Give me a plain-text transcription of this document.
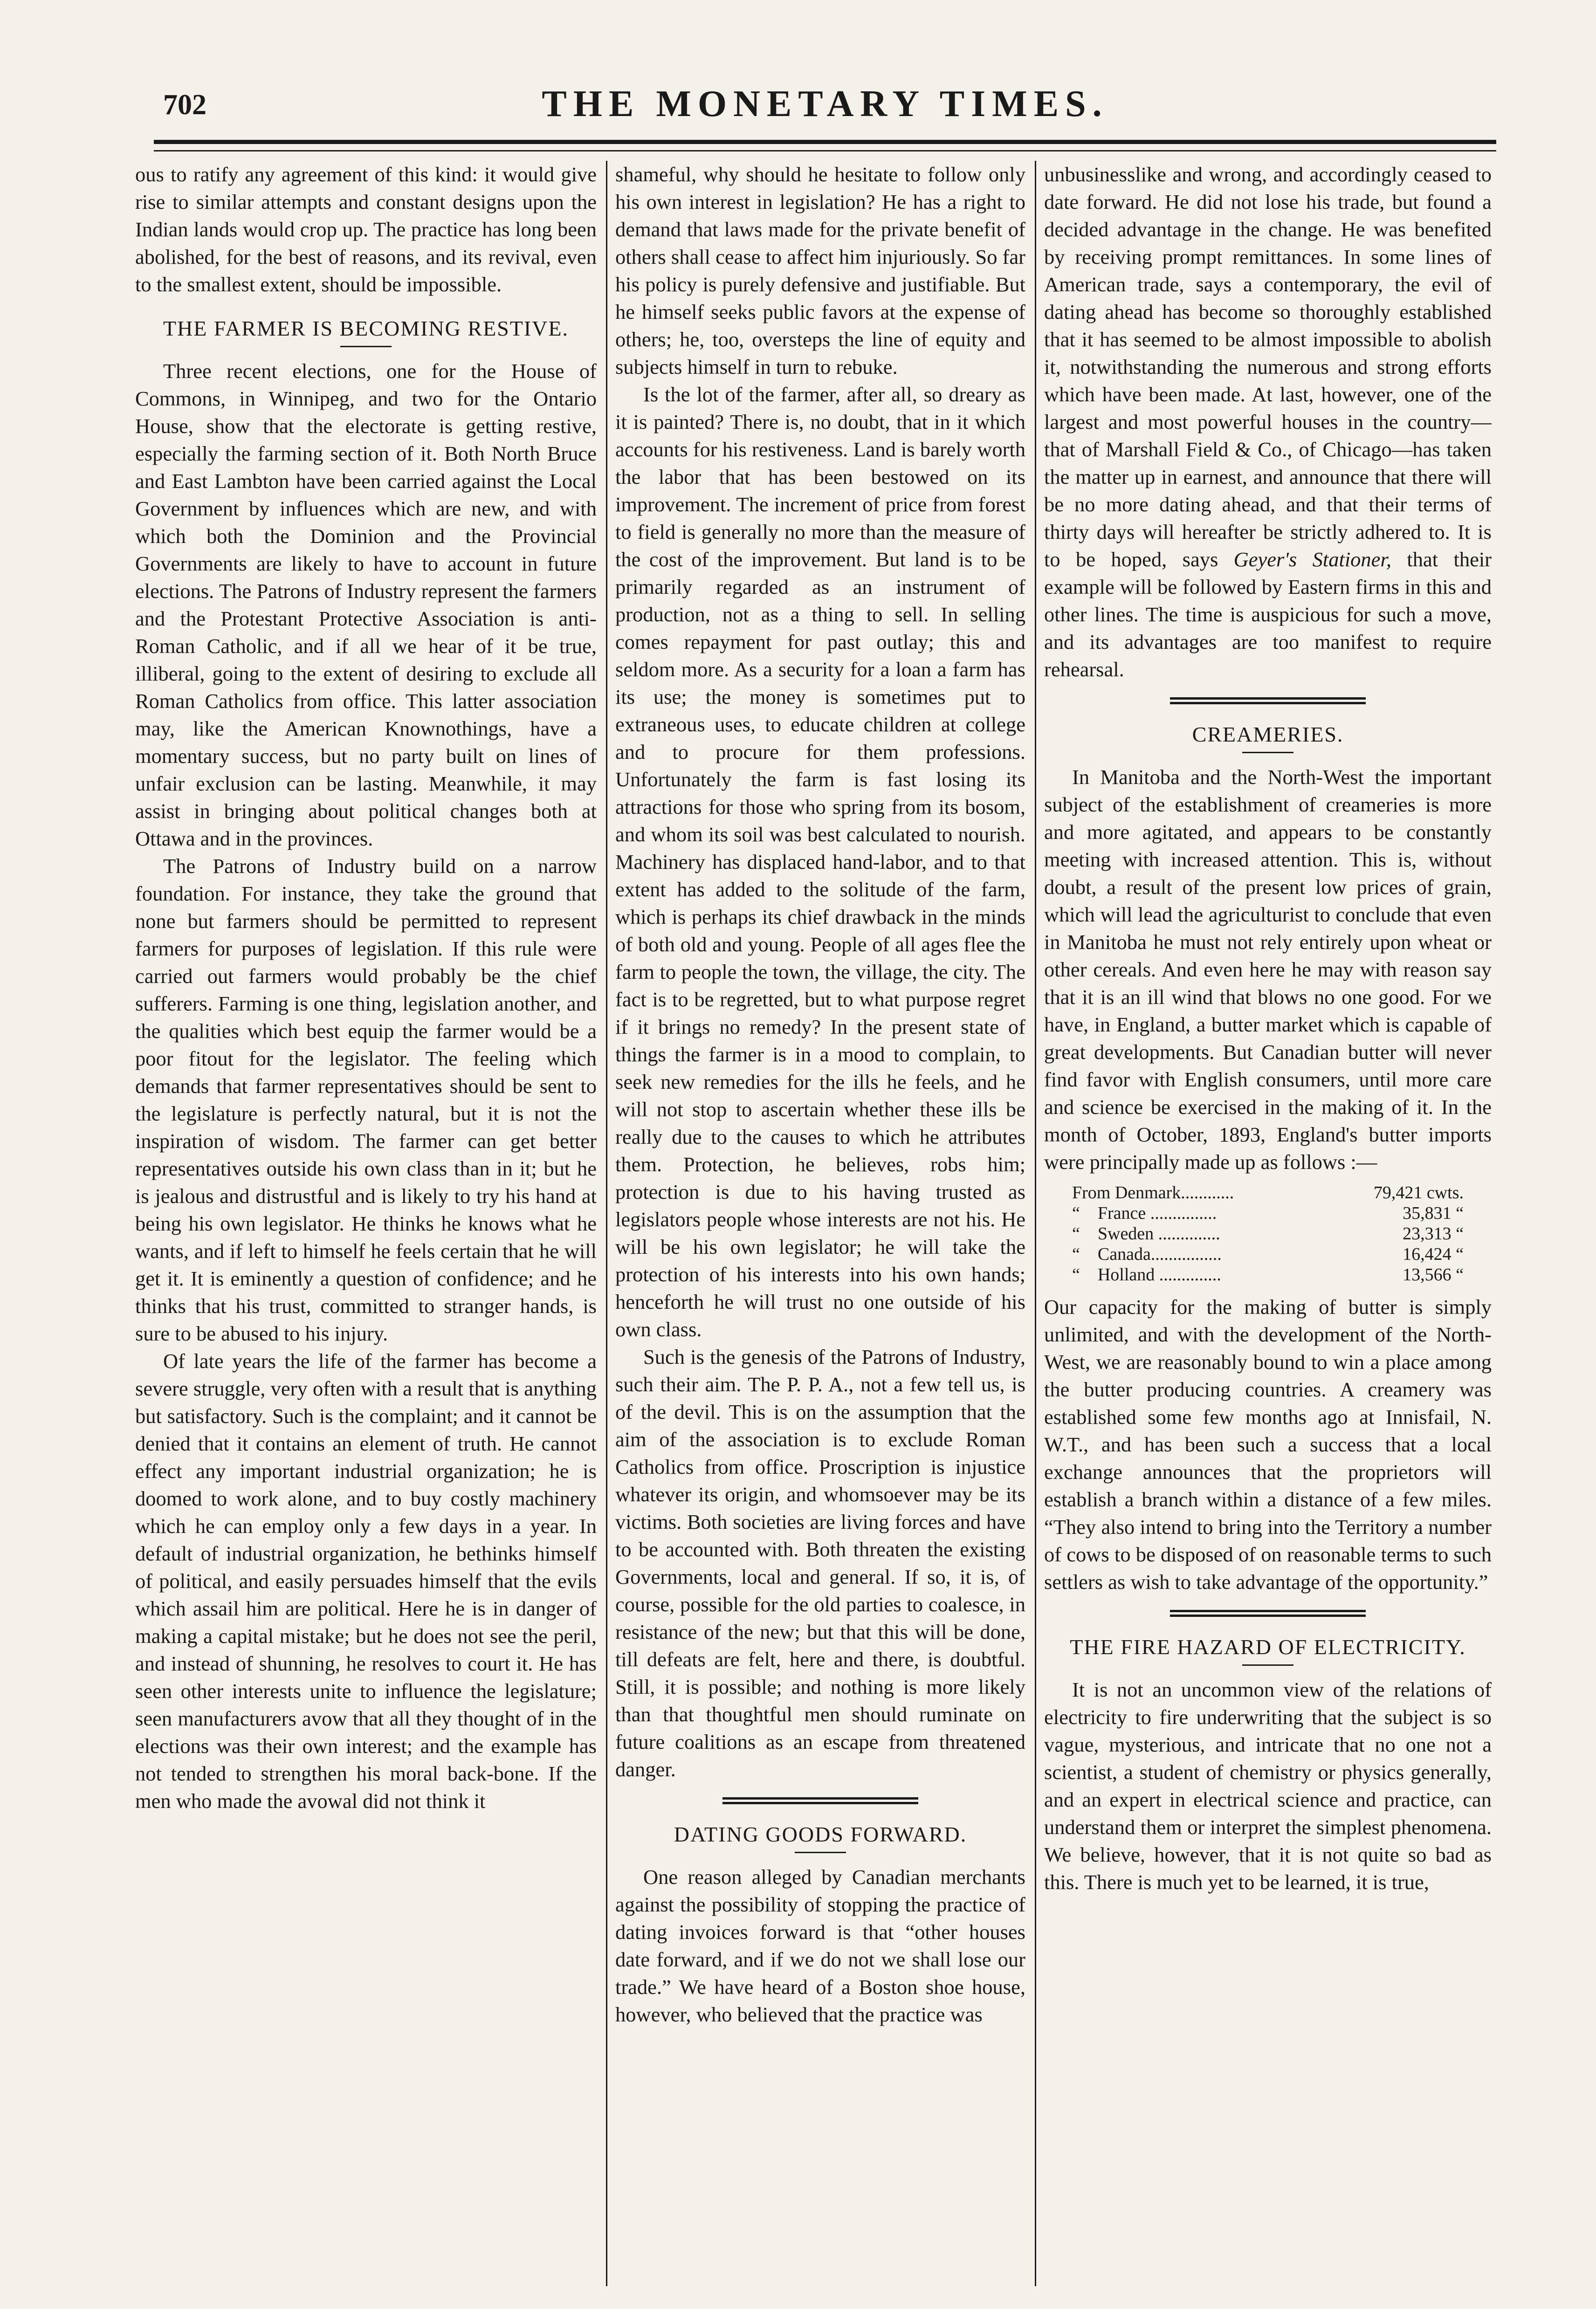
702	THE MONETARY TIMES.

ous to ratify any agreement of this kind: it would give rise to similar attempts and constant designs upon the Indian lands would crop up. The practice has long been abolished, for the best of reasons, and its revival, even to the smallest extent, should be impossible.

THE FARMER IS BECOMING RESTIVE.

Three recent elections, one for the House of Commons, in Winnipeg, and two for the Ontario House, show that the electorate is getting restive, especially the farming section of it. Both North Bruce and East Lambton have been carried against the Local Government by influences which are new, and with which both the Dominion and the Provincial Governments are likely to have to account in future elections. The Patrons of Industry represent the farmers and the Protestant Protective Association is anti-Roman Catholic, and if all we hear of it be true, illiberal, going to the extent of desiring to exclude all Roman Catholics from office. This latter association may, like the American Knownothings, have a momentary success, but no party built on lines of unfair exclusion can be lasting. Meanwhile, it may assist in bringing about political changes both at Ottawa and in the provinces.

The Patrons of Industry build on a narrow foundation. For instance, they take the ground that none but farmers should be permitted to represent farmers for purposes of legislation. If this rule were carried out farmers would probably be the chief sufferers. Farming is one thing, legislation another, and the qualities which best equip the farmer would be a poor fitout for the legislator. The feeling which demands that farmer representatives should be sent to the legislature is perfectly natural, but it is not the inspiration of wisdom. The farmer can get better representatives outside his own class than in it; but he is jealous and distrustful and is likely to try his hand at being his own legislator. He thinks he knows what he wants, and if left to himself he feels certain that he will get it. It is eminently a question of confidence; and he thinks that his trust, committed to stranger hands, is sure to be abused to his injury.

Of late years the life of the farmer has become a severe struggle, very often with a result that is anything but satisfactory. Such is the complaint; and it cannot be denied that it contains an element of truth. He cannot effect any important industrial organization; he is doomed to work alone, and to buy costly machinery which he can employ only a few days in a year. In default of industrial organization, he bethinks himself of political, and easily persuades himself that the evils which assail him are political. Here he is in danger of making a capital mistake; but he does not see the peril, and instead of shunning, he resolves to court it. He has seen other interests unite to influence the legislature; seen manufacturers avow that all they thought of in the elections was their own interest; and the example has not tended to strengthen his moral back-bone. If the men who made the avowal did not think it

shameful, why should he hesitate to follow only his own interest in legislation? He has a right to demand that laws made for the private benefit of others shall cease to affect him injuriously. So far his policy is purely defensive and justifiable. But he himself seeks public favors at the expense of others; he, too, oversteps the line of equity and subjects himself in turn to rebuke.

Is the lot of the farmer, after all, so dreary as it is painted? There is, no doubt, that in it which accounts for his restiveness. Land is barely worth the labor that has been bestowed on its improvement. The increment of price from forest to field is generally no more than the measure of the cost of the improvement. But land is to be primarily regarded as an instrument of production, not as a thing to sell. In selling comes repayment for past outlay; this and seldom more. As a security for a loan a farm has its use; the money is sometimes put to extraneous uses, to educate children at college and to procure for them professions. Unfortunately the farm is fast losing its attractions for those who spring from its bosom, and whom its soil was best calculated to nourish. Machinery has displaced hand-labor, and to that extent has added to the solitude of the farm, which is perhaps its chief drawback in the minds of both old and young. People of all ages flee the farm to people the town, the village, the city. The fact is to be regretted, but to what purpose regret if it brings no remedy? In the present state of things the farmer is in a mood to complain, to seek new remedies for the ills he feels, and he will not stop to ascertain whether these ills be really due to the causes to which he attributes them. Protection, he believes, robs him; protection is due to his having trusted as legislators people whose interests are not his. He will be his own legislator; he will take the protection of his interests into his own hands; henceforth he will trust no one outside of his own class.

Such is the genesis of the Patrons of Industry, such their aim. The P. P. A., not a few tell us, is of the devil. This is on the assumption that the aim of the association is to exclude Roman Catholics from office. Proscription is injustice whatever its origin, and whomsoever may be its victims. Both societies are living forces and have to be accounted with. Both threaten the existing Governments, local and general. If so, it is, of course, possible for the old parties to coalesce, in resistance of the new; but that this will be done, till defeats are felt, here and there, is doubtful. Still, it is possible; and nothing is more likely than that thoughtful men should ruminate on future coalitions as an escape from threatened danger.

DATING GOODS FORWARD.

One reason alleged by Canadian merchants against the possibility of stopping the practice of dating invoices forward is that “other houses date forward, and if we do not we shall lose our trade.” We have heard of a Boston shoe house, however, who believed that the practice was

unbusinesslike and wrong, and accordingly ceased to date forward. He did not lose his trade, but found a decided advantage in the change. He was benefited by receiving prompt remittances. In some lines of American trade, says a contemporary, the evil of dating ahead has become so thoroughly established that it has seemed to be almost impossible to abolish it, notwithstanding the numerous and strong efforts which have been made. At last, however, one of the largest and most powerful houses in the country—that of Marshall Field & Co., of Chicago—has taken the matter up in earnest, and announce that there will be no more dating ahead, and that their terms of thirty days will hereafter be strictly adhered to. It is to be hoped, says Geyer's Stationer, that their example will be followed by Eastern firms in this and other lines. The time is auspicious for such a move, and its advantages are too manifest to require rehearsal.

CREAMERIES.

In Manitoba and the North-West the important subject of the establishment of creameries is more and more agitated, and appears to be constantly meeting with increased attention. This is, without doubt, a result of the present low prices of grain, which will lead the agriculturist to conclude that even in Manitoba he must not rely entirely upon wheat or other cereals. And even here he may with reason say that it is an ill wind that blows no one good. For we have, in England, a butter market which is capable of great developments. But Canadian butter will never find favor with English consumers, until more care and science be exercised in the making of it. In the month of October, 1893, England's butter imports were principally made up as follows :—

From Denmark............	79,421 cwts.
“    France ...............	35,831 “
“    Sweden ..............	23,313 “
“    Canada................	16,424 “
“    Holland ..............	13,566 “

Our capacity for the making of butter is simply unlimited, and with the development of the North-West, we are reasonably bound to win a place among the butter producing countries. A creamery was established some few months ago at Innisfail, N. W.T., and has been such a success that a local exchange announces that the proprietors will establish a branch within a distance of a few miles. “They also intend to bring into the Territory a number of cows to be disposed of on reasonable terms to such settlers as wish to take advantage of the opportunity.”

THE FIRE HAZARD OF ELECTRICITY.

It is not an uncommon view of the relations of electricity to fire underwriting that the subject is so vague, mysterious, and intricate that no one not a scientist, a student of chemistry or physics generally, and an expert in electrical science and practice, can understand them or interpret the simplest phenomena. We believe, however, that it is not quite so bad as this. There is much yet to be learned, it is true,
